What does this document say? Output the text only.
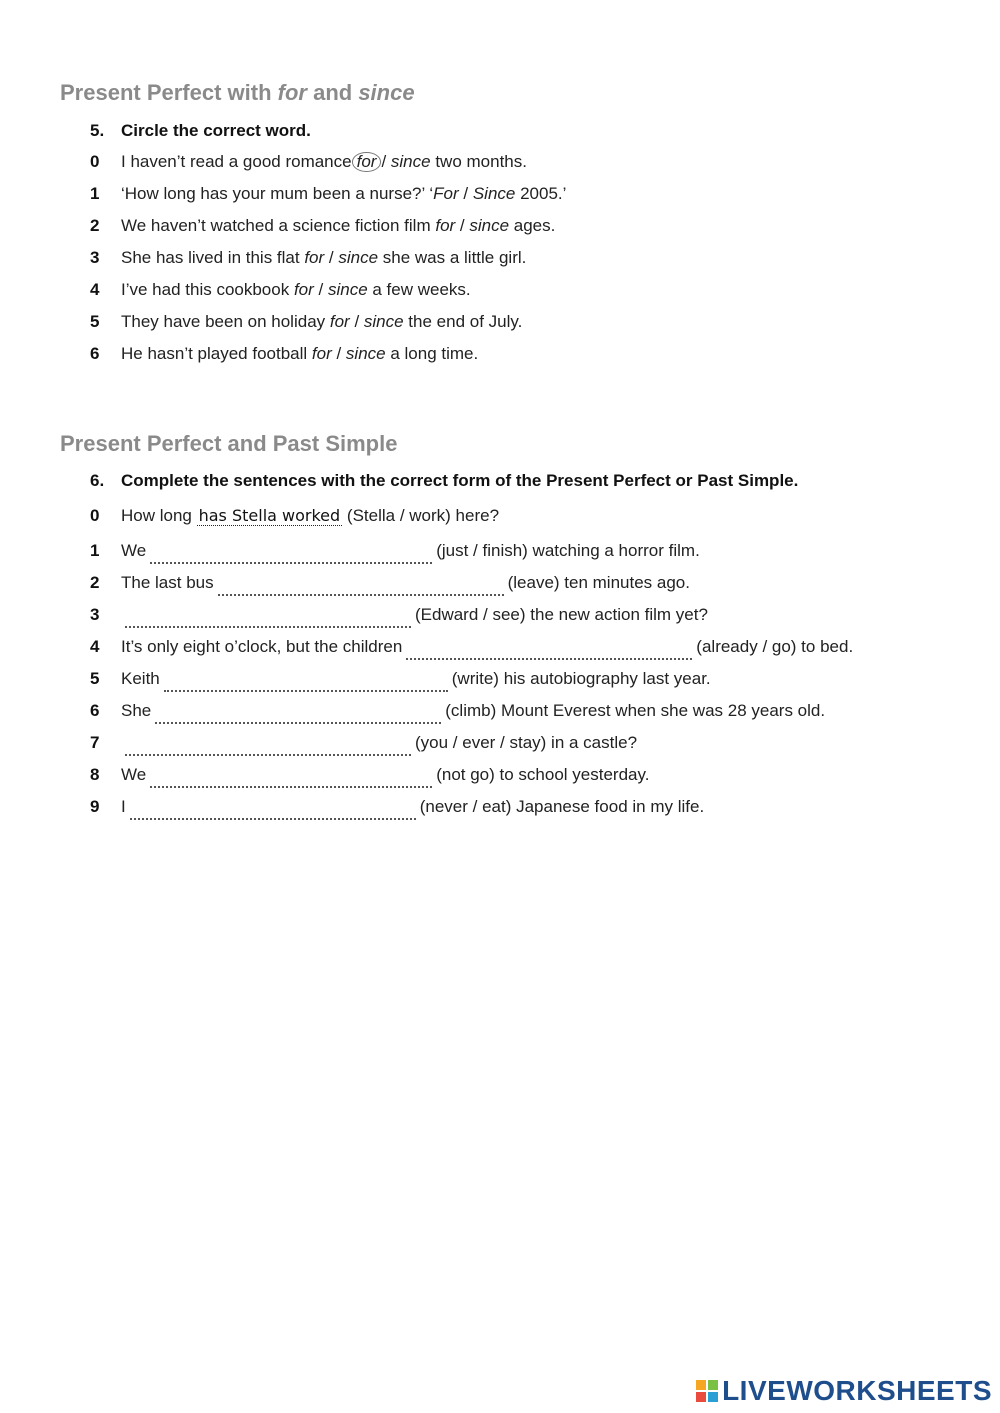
Present Perfect with for and since
5. Circle the correct word.
0 I haven’t read a good romance for / since two months.
1 ‘How long has your mum been a nurse?’ ‘For / Since 2005.’
2 We haven’t watched a science fiction film for / since ages.
3 She has lived in this flat for / since she was a little girl.
4 I’ve had this cookbook for / since a few weeks.
5 They have been on holiday for / since the end of July.
6 He hasn’t played football for / since a long time.
Present Perfect and Past Simple
6. Complete the sentences with the correct form of the Present Perfect or Past Simple.
0 How long has Stella worked (Stella / work) here?
1 We	(just / finish) watching a horror film.
2 The last bus	(leave) ten minutes ago.
3	(Edward / see) the new action film yet?
4 It’s only eight o’clock, but the children	(already / go) to bed.
5 Keith	(write) his autobiography last year.
6 She	(climb) Mount Everest when she was 28 years old.
7	(you / ever / stay) in a castle?
8 We	(not go) to school yesterday.
9 I	(never / eat) Japanese food in my life.
LIVEWORKSHEETS
